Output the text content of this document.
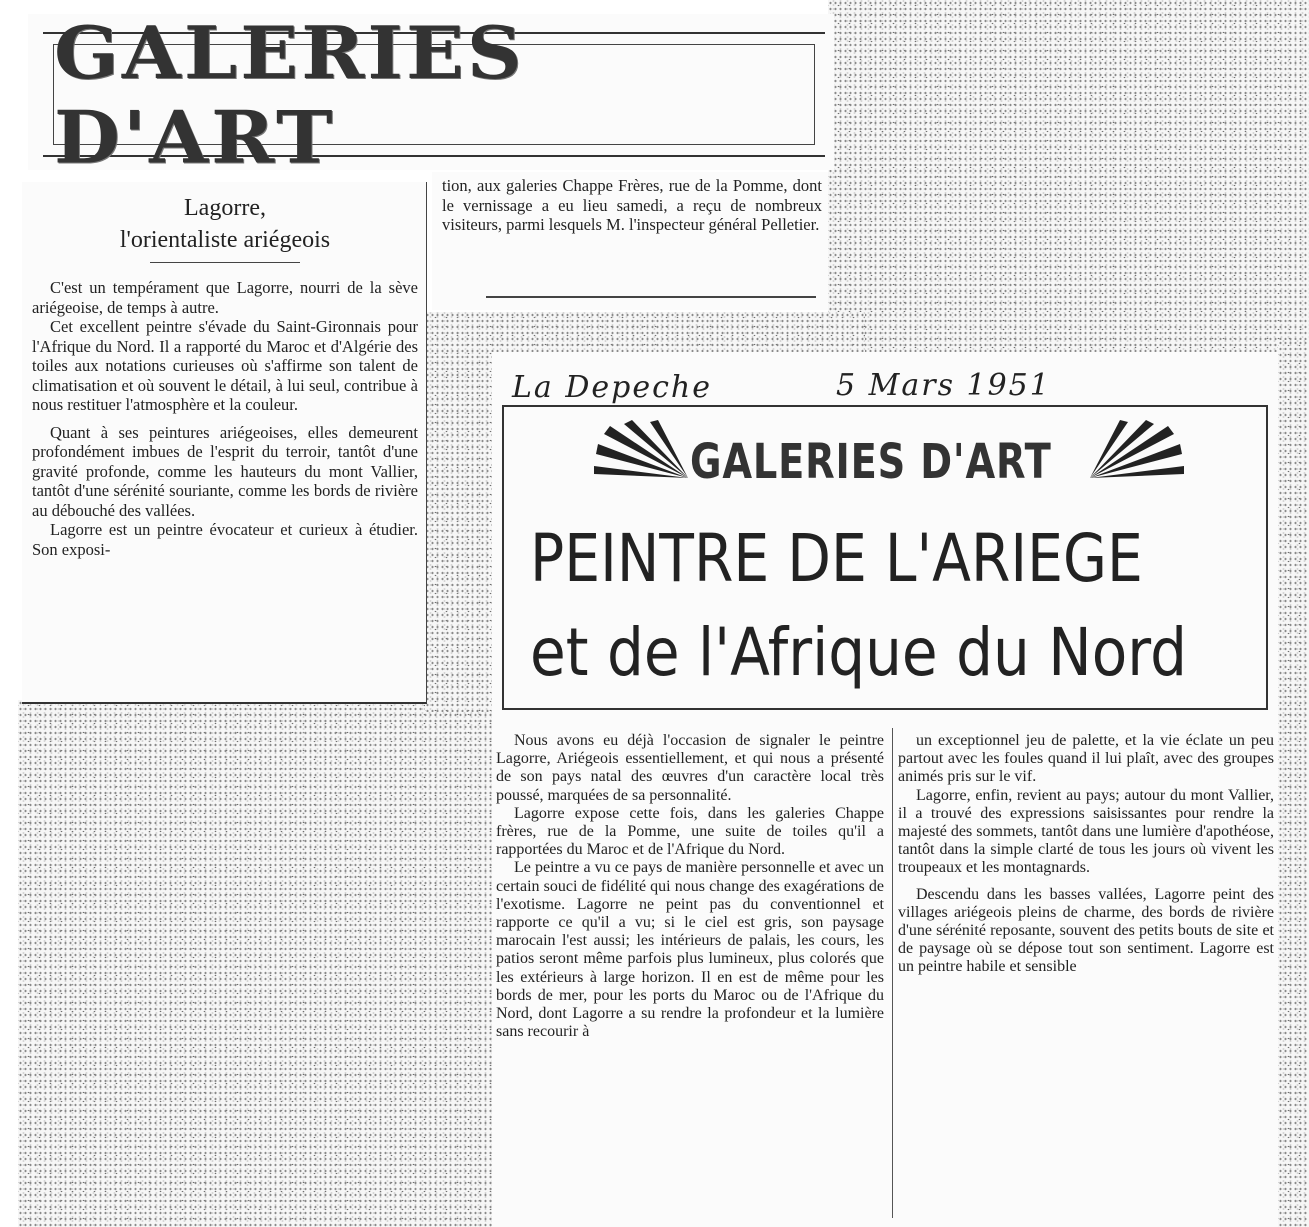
GALERIES D'ART
Lagorre,
l'orientaliste ariégeois

C'est un tempérament que Lagorre, nourri de la sève ariégeoise, de temps à autre.

Cet excellent peintre s'évade du Saint-Gironnais pour l'Afrique du Nord. Il a rapporté du Maroc et d'Algérie des toiles aux notations curieuses où s'affirme son talent de climatisation et où souvent le détail, à lui seul, contribue à nous restituer l'atmosphère et la couleur.

Quant à ses peintures ariégeoises, elles demeurent profondément imbues de l'esprit du terroir, tantôt d'une gravité profonde, comme les hauteurs du mont Vallier, tantôt d'une sérénité souriante, comme les bords de rivière au débouché des vallées.

Lagorre est un peintre évocateur et curieux à étudier. Son exposi-

tion, aux galeries Chappe Frères, rue de la Pomme, dont le vernissage a eu lieu samedi, a reçu de nombreux visiteurs, parmi lesquels M. l'inspecteur général Pelletier.
La Depeche	5 Mars 1951
GALERIES D'ART
PEINTRE DE L'ARIEGE
et de l'Afrique du Nord

Nous avons eu déjà l'occasion de signaler le peintre Lagorre, Ariégeois essentiellement, et qui nous a présenté de son pays natal des œuvres d'un caractère local très poussé, marquées de sa personnalité.

Lagorre expose cette fois, dans les galeries Chappe frères, rue de la Pomme, une suite de toiles qu'il a rapportées du Maroc et de l'Afrique du Nord.

Le peintre a vu ce pays de manière personnelle et avec un certain souci de fidélité qui nous change des exagérations de l'exotisme. Lagorre ne peint pas du conventionnel et rapporte ce qu'il a vu; si le ciel est gris, son paysage marocain l'est aussi; les intérieurs de palais, les cours, les patios seront même parfois plus lumineux, plus colorés que les extérieurs à large horizon. Il en est de même pour les bords de mer, pour les ports du Maroc ou de l'Afrique du Nord, dont Lagorre a su rendre la profondeur et la lumière sans recourir à

un exceptionnel jeu de palette, et la vie éclate un peu partout avec les foules quand il lui plaît, avec des groupes animés pris sur le vif.

Lagorre, enfin, revient au pays; autour du mont Vallier, il a trouvé des expressions saisissantes pour rendre la majesté des sommets, tantôt dans une lumière d'apothéose, tantôt dans la simple clarté de tous les jours où vivent les troupeaux et les montagnards.

Descendu dans les basses vallées, Lagorre peint des villages ariégeois pleins de charme, des bords de rivière d'une sérénité reposante, souvent des petits bouts de site et de paysage où se dépose tout son sentiment. Lagorre est un peintre habile et sensible
